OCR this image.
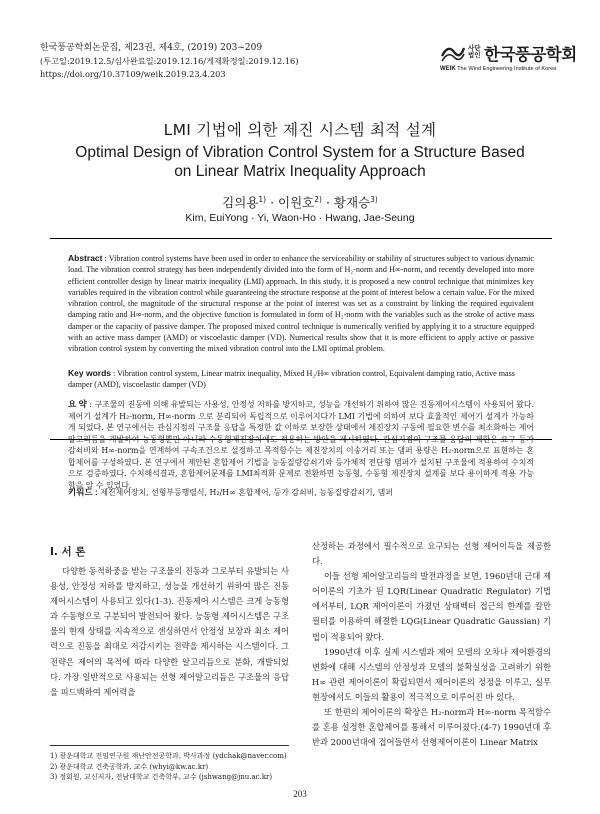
한국풍공학회논문집, 제23권, 제4호, (2019) 203~209
(투고일:2019.12.5/심사완료일:2019.12.16/게재확정일:2019.12.16)
https://doi.org/10.37109/weik.2019.23.4.203
사단 법인 한국풍공학회
WEIK The Wind Engineering Institute of Korea
LMI 기법에 의한 제진 시스템 최적 설계
Optimal Design of Vibration Control System for a Structure Based on Linear Matrix Inequality Approach
김의용$^{1)}$ · 이원호$^{2)}$ · 황재승$^{3)}$
Kim, EuiYong · Yi, Waon-Ho · Hwang, Jae-Seung
Abstract : Vibration control systems have been used in order to enhance the serviceability or stability of structures subject to various dynamic load. The vibration control strategy has been independently divided into the form of H₂-norm and H∞-norm, and recently developed into more efficient controller design by linear matrix inequality (LMI) approach. In this study, it is proposed a new control technique that minimizes key variables required in the vibration control while guaranteeing the structure response at the point of interest below a certain value. For the mixed vibration control, the magnitude of the structural response at the point of interest was set as a constraint by linking the required equivalent damping ratio and H∞-norm, and the objective function is formulated in form of H₂-norm with the variables such as the stroke of active mass damper or the capacity of passive damper. The proposed mixed control technique is numerically verified by applying it to a structure equipped with an active mass damper (AMD) or viscoelastic damper (VD). Numerical results show that it is more efficient to apply active or passive vibration control system by converting the mixed vibration control into the LMI optimal problem.
Key words : Vibration control system, Linear matrix inequality, Mixed H₂/H∞ vibration control, Equivalent damping ratio, Active mass damper (AMD), viscoelastic damper (VD)
요 약 : 구조물의 진동에 의해 유발되는 사용성, 안정성 저하를 방지하고, 성능을 개선하기 위하여 많은 진동제어시스템이 사용되어 왔다. 제어기 설계가 H₂-norm, H∞-norm 으로 분리되어 독립적으로 이루어지다가 LMI 기법에 의하여 보다 효율적인 제어기 설계가 가능하게 되었다. 본 연구에서는 관심지점의 구조물 응답을 특정한 값 이하로 보장한 상태에서 제진장치 구동에 필요한 변수를 최소화하는 제어알고리듬을 개발하여 능동형뿐만 아니라 수동형제진장치에도 적용하는 방안을 제시하였다. 관심지점의 구조물 응답의 제한은 요구 등가감쇠비와 H∞-norm을 연계하여 구속조건으로 설정하고 목적함수는 제진장치의 이송거리 또는 댐퍼 용량은 H₂-norm으로 표현하는 혼합제어를 구성하였다. 본 연구에서 제안된 혼합제어 기법을 능동질량감쇠기와 등가체적 전단형 댐퍼가 설치된 구조물에 적용하여 수치적으로 검증하였다. 수치해석결과, 혼합제어문제를 LMI최적화 문제로 전환하면 능동형, 수동형 제진장치 설계를 보다 용이하게 적용 가능함을 알 수 있었다.
키워드 : 제진제어장치, 선형부등행렬식, H₂/H∞ 혼합제어, 등가 감쇠비, 능동질량감쇠기, 댐퍼
I. 서 론

다양한 동적하중을 받는 구조물의 진동과 그로부터 유발되는 사용성, 안정성 저하를 방지하고, 성능을 개선하기 위하여 많은 진동제어시스템이 사용되고 있다(1-3). 진동제어 시스템은 크게 능동형과 수동형으로 구분되어 발전되어 왔다. 능동형 제어시스템은 구조물의 현재 상태를 지속적으로 센싱하면서 안정성 보장과 최소 제어력으로 진동을 최대로 저감시키는 전략을 제시하는 시스템이다. 그 전략은 제어의 목적에 따라 다양한 알고리듬으로 분화, 개발되었다. 가장 일반적으로 사용되는 선형 제어알고리듬은 구조물의 응답을 피드백하여 제어력을

산정하는 과정에서 필수적으로 요구되는 선형 제어이득을 제공한다.

이들 선형 제어알고리듬의 발전과정을 보면, 1960년대 근대 제어이론의 기초가 된 LQR(Linear Quadratic Regulator) 기법에서부터, LQR 제어이론이 가졌던 상태벡터 접근의 한계를 칼만 필터를 이용하여 해결한 LQG(Linear Quadratic Gaussian) 기법이 적용되어 왔다.

1990년대 이후 실제 시스템과 제어 모델의 오차나 제어환경의 변화에 대해 시스템의 안정성과 모델의 불확실성을 고려하기 위한 H∞ 관련 제어이론이 확립되면서 제어이론의 정정을 이루고, 실무현장에서도 이들의 활용이 적극적으로 이루어진 바 있다.

또 한편의 제어이론의 확장은 H₂-norm과 H∞-norm 목적함수를 혼용 설정한 혼합제어를 통해서 이루어졌다.(4-7) 1990년대 후반과 2000년대에 접어들면서 선형제어이론이 Linear Matrix

1) 광운대학교 전임연구원 재난안전공학과, 박사과정 (ydchak@naver.com)
2) 광운대학교 건축공학과, 교수 (whyi@kw.ac.kr)
3) 정회원, 교신저자, 전남대학교 건축학부, 교수 (jshwang@jnu.ac.kr)
203
